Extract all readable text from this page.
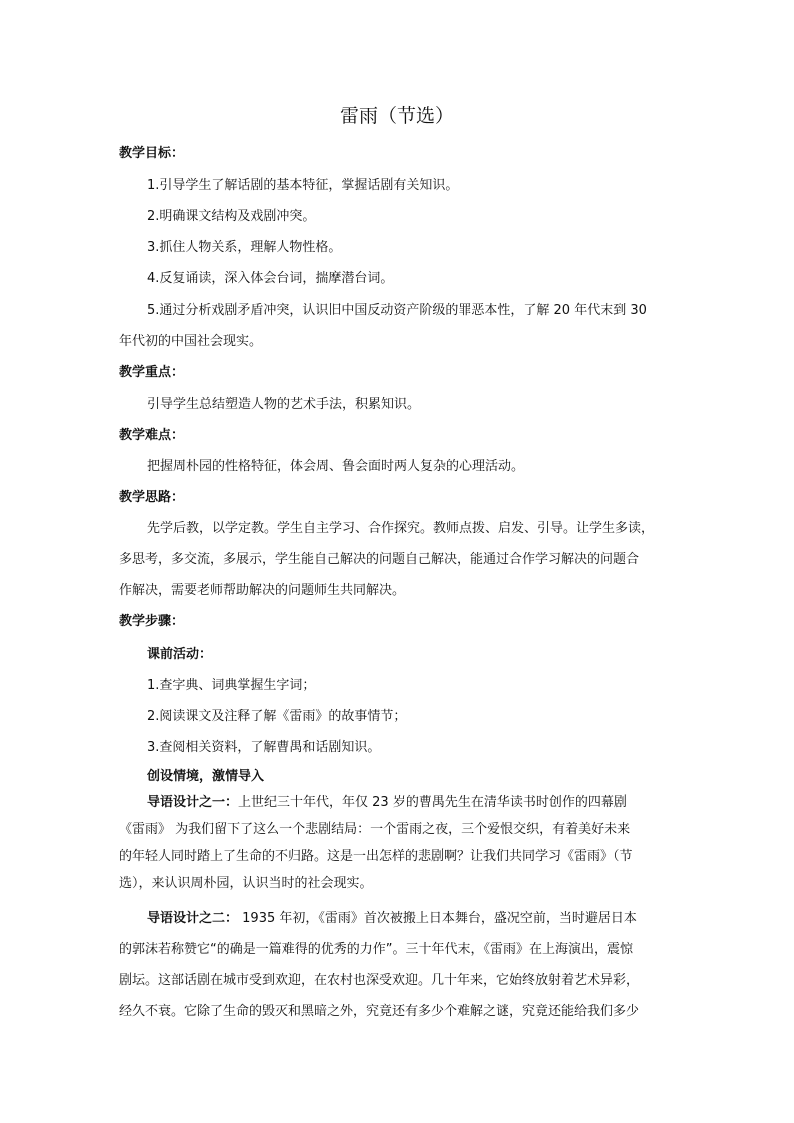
雷雨（节选）
教学目标：
1.引导学生了解话剧的基本特征，掌握话剧有关知识。
2.明确课文结构及戏剧冲突。
3.抓住人物关系，理解人物性格。
4.反复诵读，深入体会台词，揣摩潜台词。
5.通过分析戏剧矛盾冲突，认识旧中国反动资产阶级的罪恶本性，了解 20 年代末到 30
年代初的中国社会现实。
教学重点：
引导学生总结塑造人物的艺术手法，积累知识。
教学难点：
把握周朴园的性格特征，体会周、鲁会面时两人复杂的心理活动。
教学思路：
先学后教，以学定教。学生自主学习、合作探究。教师点拨、启发、引导。让学生多读，
多思考，多交流，多展示，学生能自己解决的问题自己解决，能通过合作学习解决的问题合
作解决，需要老师帮助解决的问题师生共同解决。
教学步骤：
课前活动：
1.查字典、词典掌握生字词；
2.阅读课文及注释了解《雷雨》的故事情节；
3.查阅相关资料，了解曹禺和话剧知识。
创设情境，激情导入
导语设计之一：上世纪三十年代，年仅 23 岁的曹禺先生在清华读书时创作的四幕剧
《雷雨》 为我们留下了这么一个悲剧结局：一个雷雨之夜，三个爱恨交织，有着美好未来
的年轻人同时踏上了生命的不归路。这是一出怎样的悲剧啊？让我们共同学习《雷雨》（节
选），来认识周朴园，认识当时的社会现实。
导语设计之二： 1935 年初，《雷雨》首次被搬上日本舞台，盛况空前，当时避居日本
的郭沫若称赞它“的确是一篇难得的优秀的力作”。三十年代末，《雷雨》在上海演出，震惊
剧坛。这部话剧在城市受到欢迎，在农村也深受欢迎。几十年来，它始终放射着艺术异彩，
经久不衰。它除了生命的毁灭和黑暗之外，究竟还有多少个难解之谜，究竟还能给我们多少
